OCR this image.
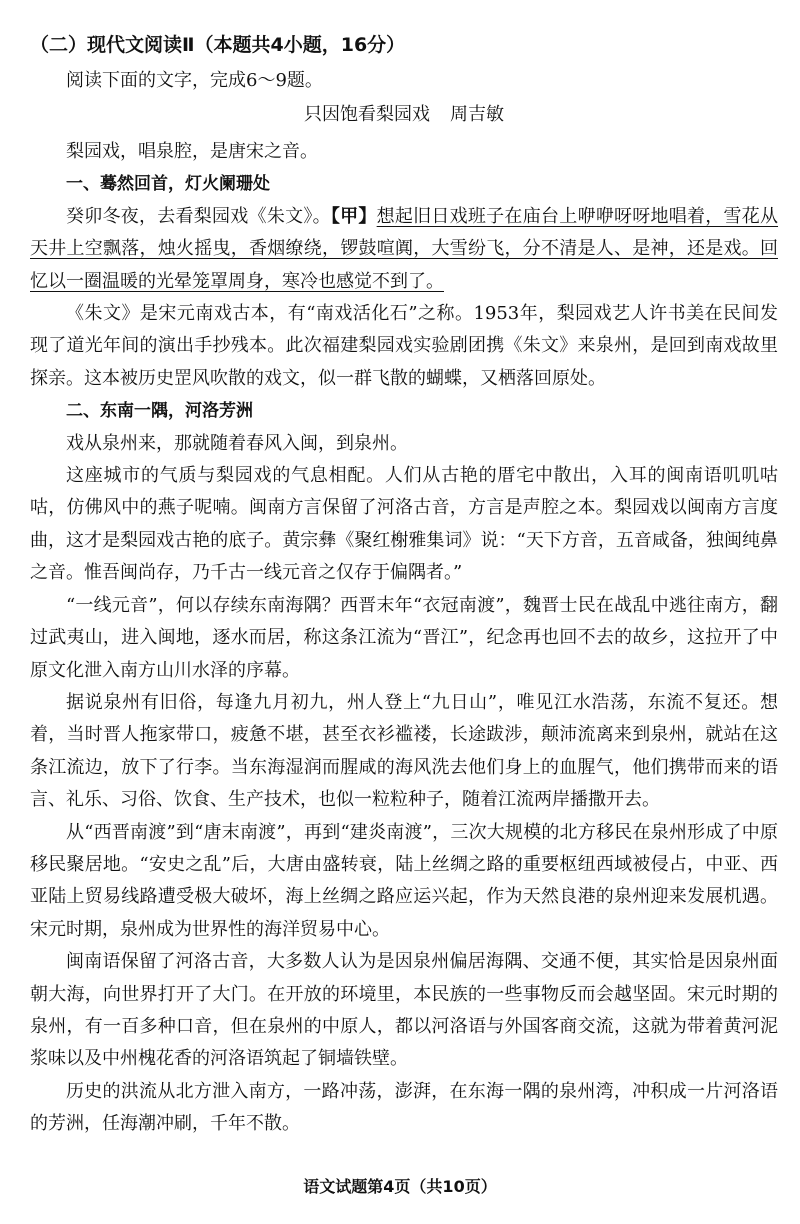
（二）现代文阅读Ⅱ（本题共4小题，16分）
阅读下面的文字，完成6～9题。
只因饱看梨园戏 周吉敏

梨园戏，唱泉腔，是唐宋之音。

一、蓦然回首，灯火阑珊处

癸卯冬夜，去看梨园戏《朱文》。【甲】想起旧日戏班子在庙台上咿咿呀呀地唱着，雪花从天井上空飘落，烛火摇曳，香烟缭绕，锣鼓喧阗，大雪纷飞，分不清是人、是神，还是戏。回忆以一圈温暖的光晕笼罩周身，寒冷也感觉不到了。

《朱文》是宋元南戏古本，有“南戏活化石”之称。1953年，梨园戏艺人许书美在民间发现了道光年间的演出手抄残本。此次福建梨园戏实验剧团携《朱文》来泉州，是回到南戏故里探亲。这本被历史罡风吹散的戏文，似一群飞散的蝴蝶，又栖落回原处。

二、东南一隅，河洛芳洲

戏从泉州来，那就随着春风入闽，到泉州。

这座城市的气质与梨园戏的气息相配。人们从古艳的厝宅中散出，入耳的闽南语叽叽咕咕，仿佛风中的燕子呢喃。闽南方言保留了河洛古音，方言是声腔之本。梨园戏以闽南方言度曲，这才是梨园戏古艳的底子。黄宗彝《聚红榭雅集词》说：“天下方音，五音咸备，独闽纯鼻之音。惟吾闽尚存，乃千古一线元音之仅存于偏隅者。”

“一线元音”，何以存续东南海隅？西晋末年“衣冠南渡”，魏晋士民在战乱中逃往南方，翻过武夷山，进入闽地，逐水而居，称这条江流为“晋江”，纪念再也回不去的故乡，这拉开了中原文化泄入南方山川水泽的序幕。

据说泉州有旧俗，每逢九月初九，州人登上“九日山”，唯见江水浩荡，东流不复还。想着，当时晋人拖家带口，疲惫不堪，甚至衣衫褴褛，长途跋涉，颠沛流离来到泉州，就站在这条江流边，放下了行李。当东海湿润而腥咸的海风洗去他们身上的血腥气，他们携带而来的语言、礼乐、习俗、饮食、生产技术，也似一粒粒种子，随着江流两岸播撒开去。

从“西晋南渡”到“唐末南渡”，再到“建炎南渡”，三次大规模的北方移民在泉州形成了中原移民聚居地。“安史之乱”后，大唐由盛转衰，陆上丝绸之路的重要枢纽西域被侵占，中亚、西亚陆上贸易线路遭受极大破坏，海上丝绸之路应运兴起，作为天然良港的泉州迎来发展机遇。宋元时期，泉州成为世界性的海洋贸易中心。

闽南语保留了河洛古音，大多数人认为是因泉州偏居海隅、交通不便，其实恰是因泉州面朝大海，向世界打开了大门。在开放的环境里，本民族的一些事物反而会越坚固。宋元时期的泉州，有一百多种口音，但在泉州的中原人，都以河洛语与外国客商交流，这就为带着黄河泥浆味以及中州槐花香的河洛语筑起了铜墙铁壁。

历史的洪流从北方泄入南方，一路冲荡，澎湃，在东海一隅的泉州湾，冲积成一片河洛语的芳洲，任海潮冲刷，千年不散。

语文试题第4页（共10页）
